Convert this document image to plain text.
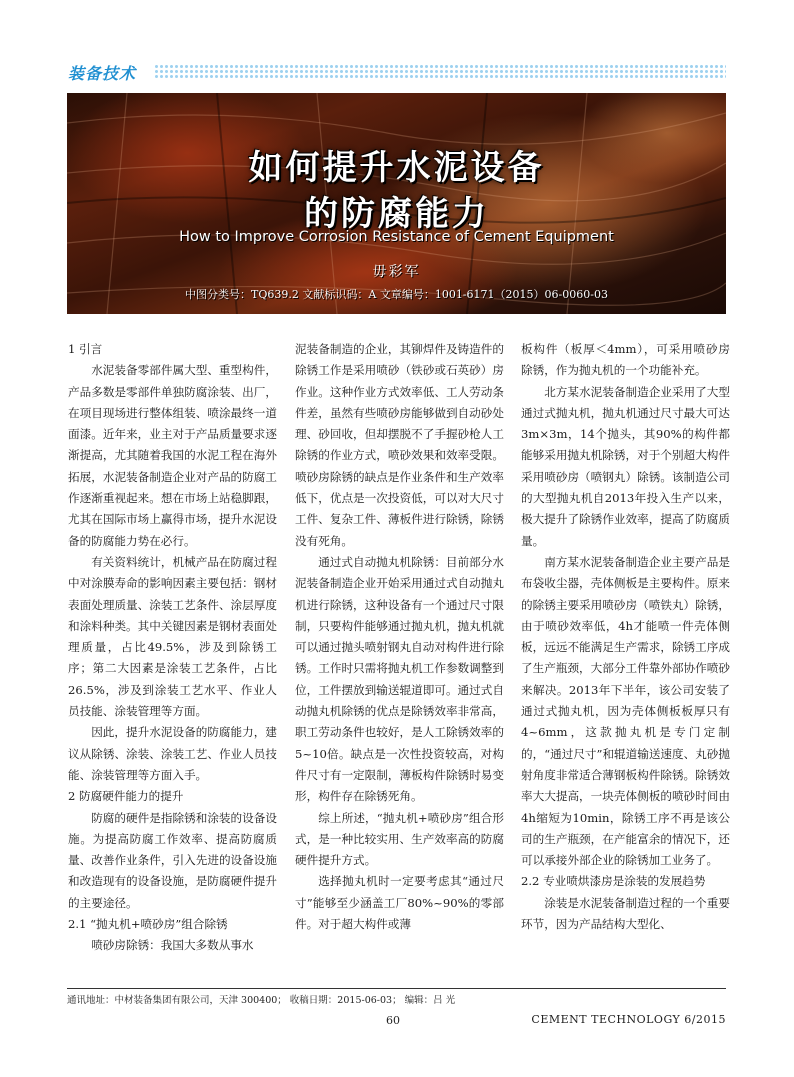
装备技术
如何提升水泥设备
的防腐能力
How to Improve Corrosion Resistance of Cement Equipment
毋彩军
中图分类号：TQ639.2 文献标识码：A 文章编号：1001-6171（2015）06-0060-03

1 引言

水泥装备零部件属大型、重型构件，产品多数是零部件单独防腐涂装、出厂，在项目现场进行整体组装、喷涂最终一道面漆。近年来，业主对于产品质量要求逐渐提高，尤其随着我国的水泥工程在海外拓展，水泥装备制造企业对产品的防腐工作逐渐重视起来。想在市场上站稳脚跟，尤其在国际市场上赢得市场，提升水泥设备的防腐能力势在必行。

有关资料统计，机械产品在防腐过程中对涂膜寿命的影响因素主要包括：钢材表面处理质量、涂装工艺条件、涂层厚度和涂料种类。其中关键因素是钢材表面处理质量，占比49.5%，涉及到除锈工序；第二大因素是涂装工艺条件，占比26.5%，涉及到涂装工艺水平、作业人员技能、涂装管理等方面。

因此，提升水泥设备的防腐能力，建议从除锈、涂装、涂装工艺、作业人员技能、涂装管理等方面入手。

2 防腐硬件能力的提升

防腐的硬件是指除锈和涂装的设备设施。为提高防腐工作效率、提高防腐质量、改善作业条件，引入先进的设备设施和改造现有的设备设施，是防腐硬件提升的主要途径。

2.1 “抛丸机+喷砂房”组合除锈

喷砂房除锈：我国大多数从事水

泥装备制造的企业，其铆焊件及铸造件的除锈工作是采用喷砂（铁砂或石英砂）房作业。这种作业方式效率低、工人劳动条件差，虽然有些喷砂房能够做到自动砂处理、砂回收，但却摆脱不了手握砂枪人工除锈的作业方式，喷砂效果和效率受限。喷砂房除锈的缺点是作业条件和生产效率低下，优点是一次投资低，可以对大尺寸工件、复杂工件、薄板件进行除锈，除锈没有死角。

通过式自动抛丸机除锈：目前部分水泥装备制造企业开始采用通过式自动抛丸机进行除锈，这种设备有一个通过尺寸限制，只要构件能够通过抛丸机，抛丸机就可以通过抛头喷射钢丸自动对构件进行除锈。工作时只需将抛丸机工作参数调整到位，工件摆放到输送辊道即可。通过式自动抛丸机除锈的优点是除锈效率非常高，职工劳动条件也较好，是人工除锈效率的5~10倍。缺点是一次性投资较高，对构件尺寸有一定限制，薄板构件除锈时易变形，构件存在除锈死角。

综上所述，“抛丸机+喷砂房”组合形式，是一种比较实用、生产效率高的防腐硬件提升方式。

选择抛丸机时一定要考虑其“通过尺寸”能够至少涵盖工厂80%~90%的零部件。对于超大构件或薄

板构件（板厚＜4mm），可采用喷砂房除锈，作为抛丸机的一个功能补充。

北方某水泥装备制造企业采用了大型通过式抛丸机，抛丸机通过尺寸最大可达3m×3m，14个抛头，其90%的构件都能够采用抛丸机除锈，对于个别超大构件采用喷砂房（喷钢丸）除锈。该制造公司的大型抛丸机自2013年投入生产以来，极大提升了除锈作业效率，提高了防腐质量。

南方某水泥装备制造企业主要产品是布袋收尘器，壳体侧板是主要构件。原来的除锈主要采用喷砂房（喷铁丸）除锈，由于喷砂效率低，4h才能喷一件壳体侧板，远远不能满足生产需求，除锈工序成了生产瓶颈，大部分工件靠外部协作喷砂来解决。2013年下半年，该公司安装了通过式抛丸机，因为壳体侧板板厚只有4~6mm，这款抛丸机是专门定制的，“通过尺寸”和辊道输送速度、丸砂抛射角度非常适合薄钢板构件除锈。除锈效率大大提高，一块壳体侧板的喷砂时间由4h缩短为10min，除锈工序不再是该公司的生产瓶颈，在产能富余的情况下，还可以承接外部企业的除锈加工业务了。

2.2 专业喷烘漆房是涂装的发展趋势

涂装是水泥装备制造过程的一个重要环节，因为产品结构大型化、

通讯地址：中材装备集团有限公司，天津 300400； 收稿日期：2015-06-03； 编辑：吕 光
60	CEMENT TECHNOLOGY 6/2015
